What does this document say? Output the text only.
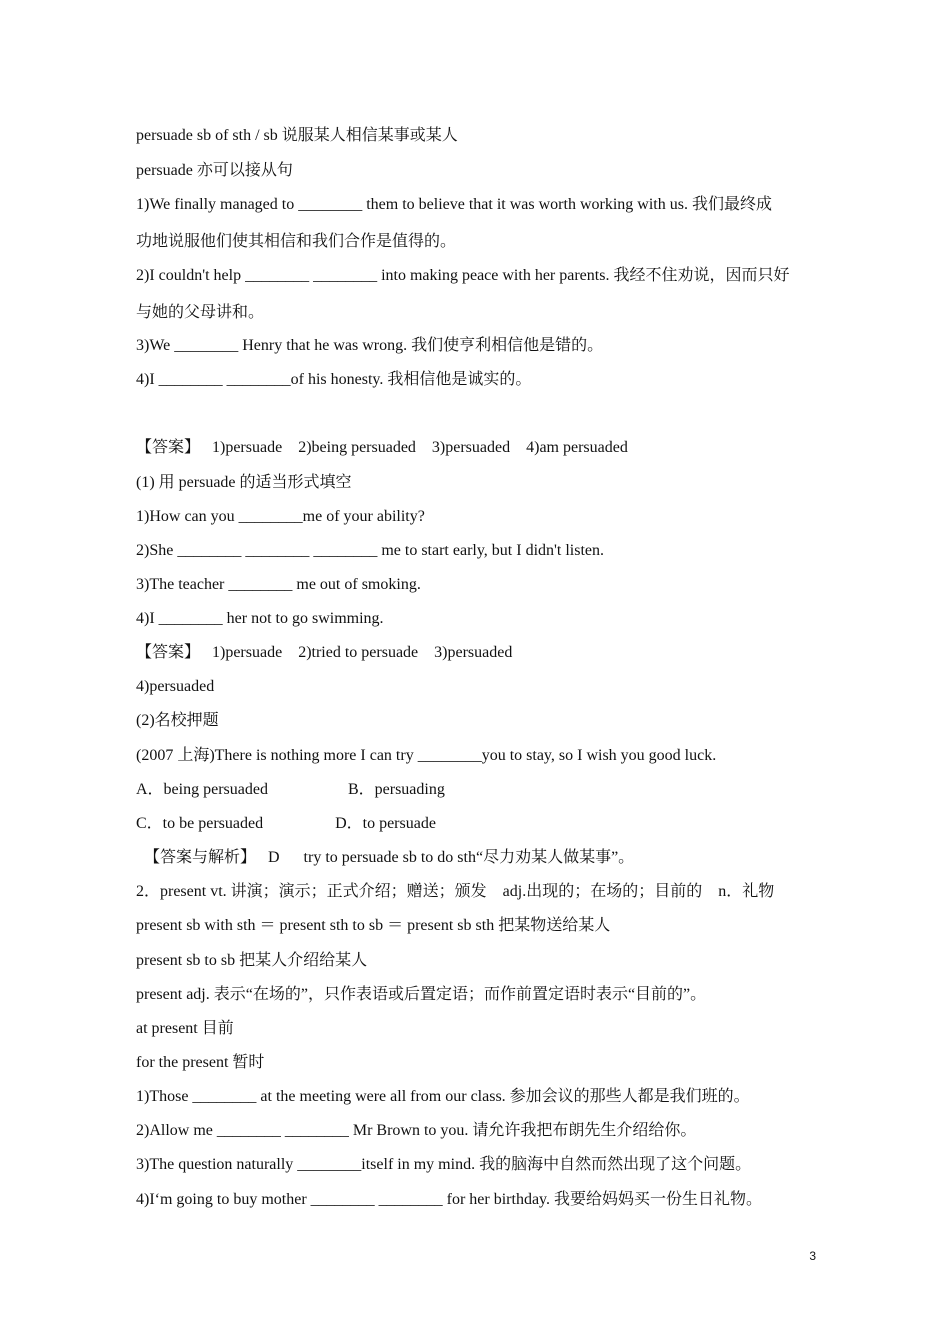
persuade sb of sth / sb 说服某人相信某事或某人
persuade 亦可以接从句
1)We finally managed to ________ them to believe that it was worth working with us. 我们最终成
功地说服他们使其相信和我们合作是值得的。
2)I couldn't help ________ ________ into making peace with her parents. 我经不住劝说，因而只好
与她的父母讲和。
3)We ________ Henry that he was wrong. 我们使亨利相信他是错的。
4)I ________ ________of his honesty. 我相信他是诚实的。
【答案】   1)persuade    2)being persuaded    3)persuaded    4)am persuaded
(1) 用 persuade 的适当形式填空
1)How can you ________me of your ability?
2)She ________ ________ ________ me to start early, but I didn't listen.
3)The teacher ________ me out of smoking.
4)I ________ her not to go swimming.
【答案】   1)persuade    2)tried to persuade    3)persuaded
4)persuaded
(2)名校押题
(2007 上海)There is nothing more I can try ________you to stay, so I wish you good luck.
A．being persuaded                    B．persuading
C．to be persuaded                  D．to persuade
【答案与解析】   D      try to persuade sb to do sth“尽力劝某人做某事”。
2．present vt. 讲演；演示；正式介绍；赠送；颁发    adj.出现的；在场的；目前的    n．礼物
present sb with sth ＝ present sth to sb ＝ present sb sth 把某物送给某人
present sb to sb 把某人介绍给某人
present adj. 表示“在场的”，只作表语或后置定语；而作前置定语时表示“目前的”。
at present 目前
for the present 暂时
1)Those ________ at the meeting were all from our class. 参加会议的那些人都是我们班的。
2)Allow me ________ ________ Mr Brown to you. 请允许我把布朗先生介绍给你。
3)The question naturally ________itself in my mind. 我的脑海中自然而然出现了这个问题。
4)I‘m going to buy mother ________ ________ for her birthday. 我要给妈妈买一份生日礼物。
3
